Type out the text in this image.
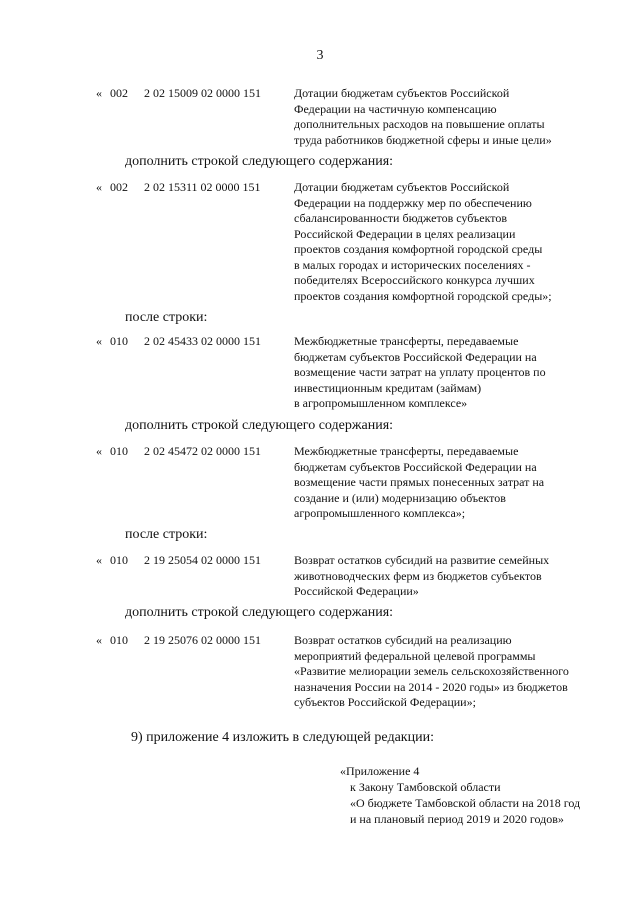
3
« 002 2 02 15009 02 0000 151	Дотации бюджетам субъектов Российской
Федерации на частичную компенсацию
дополнительных расходов на повышение оплаты
труда работников бюджетной сферы и иные цели»
дополнить строкой следующего содержания:
« 002 2 02 15311 02 0000 151	Дотации бюджетам субъектов Российской
Федерации на поддержку мер по обеспечению
сбалансированности бюджетов субъектов
Российской Федерации в целях реализации
проектов создания комфортной городской среды
в малых городах и исторических поселениях -
победителях Всероссийского конкурса лучших
проектов создания комфортной городской среды»;
после строки:
« 010 2 02 45433 02 0000 151	Межбюджетные трансферты, передаваемые
бюджетам субъектов Российской Федерации на
возмещение части затрат на уплату процентов по
инвестиционным кредитам (займам)
в агропромышленном комплексе»
дополнить строкой следующего содержания:
« 010 2 02 45472 02 0000 151	Межбюджетные трансферты, передаваемые
бюджетам субъектов Российской Федерации на
возмещение части прямых понесенных затрат на
создание и (или) модернизацию объектов
агропромышленного комплекса»;
после строки:
« 010 2 19 25054 02 0000 151	Возврат остатков субсидий на развитие семейных
животноводческих ферм из бюджетов субъектов
Российской Федерации»
дополнить строкой следующего содержания:
« 010 2 19 25076 02 0000 151	Возврат остатков субсидий на реализацию
мероприятий федеральной целевой программы
«Развитие мелиорации земель сельскохозяйственного
назначения России на 2014 - 2020 годы» из бюджетов
субъектов Российской Федерации»;
9) приложение 4 изложить в следующей редакции:
«Приложение 4
к Закону Тамбовской области
«О бюджете Тамбовской области на 2018 год
и на плановый период 2019 и 2020 годов»
